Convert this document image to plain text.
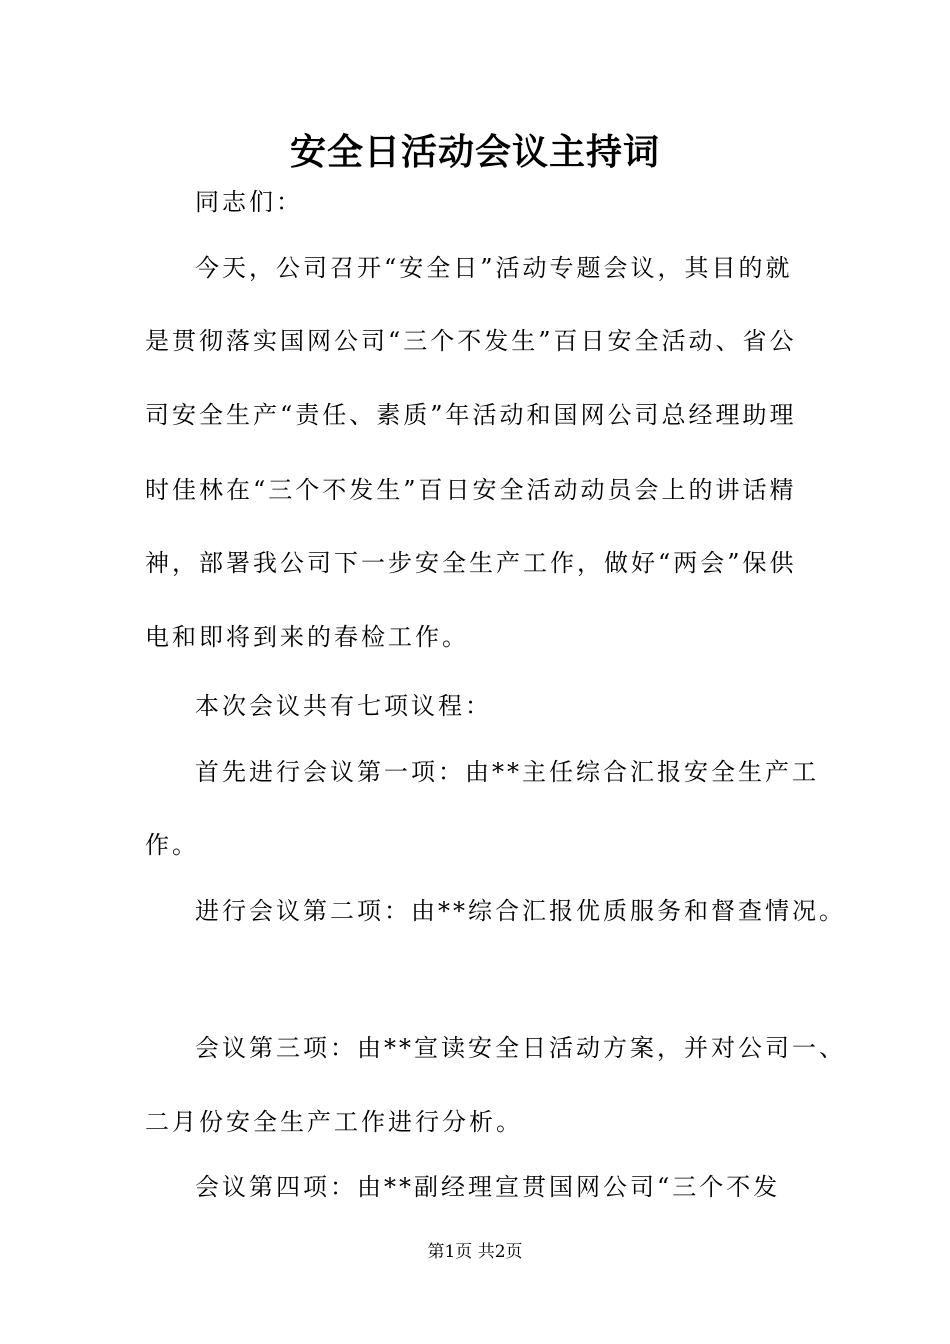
安全日活动会议主持词
同志们：
今天，公司召开“安全日”活动专题会议，其目的就
是贯彻落实国网公司“三个不发生”百日安全活动、省公
司安全生产“责任、素质”年活动和国网公司总经理助理
时佳林在“三个不发生”百日安全活动动员会上的讲话精
神，部署我公司下一步安全生产工作，做好“两会”保供
电和即将到来的春检工作。
本次会议共有七项议程：
首先进行会议第一项：由**主任综合汇报安全生产工
作。
进行会议第二项：由**综合汇报优质服务和督查情况。
会议第三项：由**宣读安全日活动方案，并对公司一、
二月份安全生产工作进行分析。
会议第四项：由**副经理宣贯国网公司“三个不发
第1页 共2页
